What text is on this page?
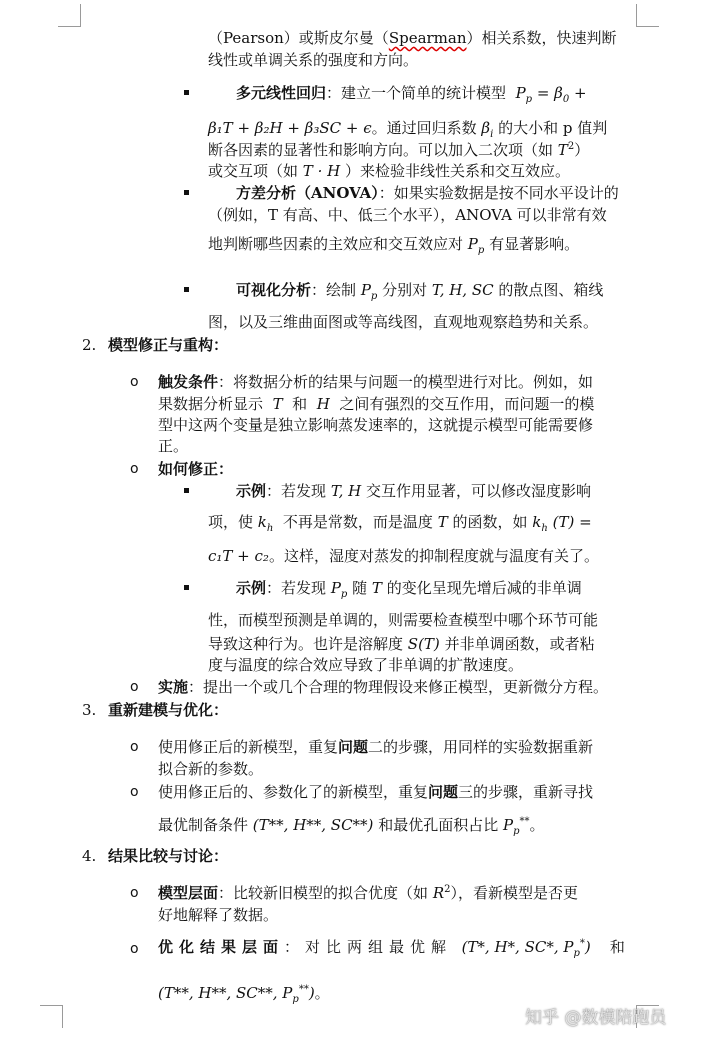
（Pearson）或斯皮尔曼（Spearman）相关系数，快速判断
线性或单调关系的强度和方向。
多元线性回归：建立一个简单的统计模型 $P_p = \beta_0$ +
β₁T + β₂H + β₃SC + ϵ。通过回归系数 $\beta_i$ 的大小和 p 值判
断各因素的显著性和影响方向。可以加入二次项（如 $T^2$）
或交互项（如 T · H ）来检验非线性关系和交互效应。
方差分析（ANOVA）：如果实验数据是按不同水平设计的
（例如，T 有高、中、低三个水平），ANOVA 可以非常有效
地判断哪些因素的主效应和交互效应对 $P_p$ 有显著影响。
可视化分析：绘制 $P_p$ 分别对 T, H, SC 的散点图、箱线
图，以及三维曲面图或等高线图，直观地观察趋势和关系。
2. 模型修正与重构：
o 触发条件：将数据分析的结果与问题一的模型进行对比。例如，如
果数据分析显示 T 和 H 之间有强烈的交互作用，而问题一的模
型中这两个变量是独立影响蒸发速率的，这就提示模型可能需要修
正。
o 如何修正：
示例：若发现 T, H 交互作用显著，可以修改湿度影响
项，使 $k_ℎ$ 不再是常数，而是温度 T 的函数，如 $k_ℎ$ (T) =
c₁T + c₂。这样，湿度对蒸发的抑制程度就与温度有关了。
示例：若发现 $P_p$ 随 T 的变化呈现先增后减的非单调
性，而模型预测是单调的，则需要检查模型中哪个环节可能
导致这种行为。也许是溶解度 S(T) 并非单调函数，或者粘
度与温度的综合效应导致了非单调的扩散速度。
o 实施：提出一个或几个合理的物理假设来修正模型，更新微分方程。
3. 重新建模与优化：
o 使用修正后的新模型，重复问题二的步骤，用同样的实验数据重新
拟合新的参数。
o 使用修正后的、参数化了的新模型，重复问题三的步骤，重新寻找
最优制备条件 (T**, H**, SC**) 和最优孔面积占比 $P_p^{**}$。
4. 结果比较与讨论：
o 模型层面：比较新旧模型的拟合优度（如 $R^2$），看新模型是否更
好地解释了数据。
o 优化结果层面：对比两组最优解 (T*, H*, SC*, $P_p^*$) 和
(T**, H**, SC**, $P_p^{**}$)。
知乎 @数模陪跑员
